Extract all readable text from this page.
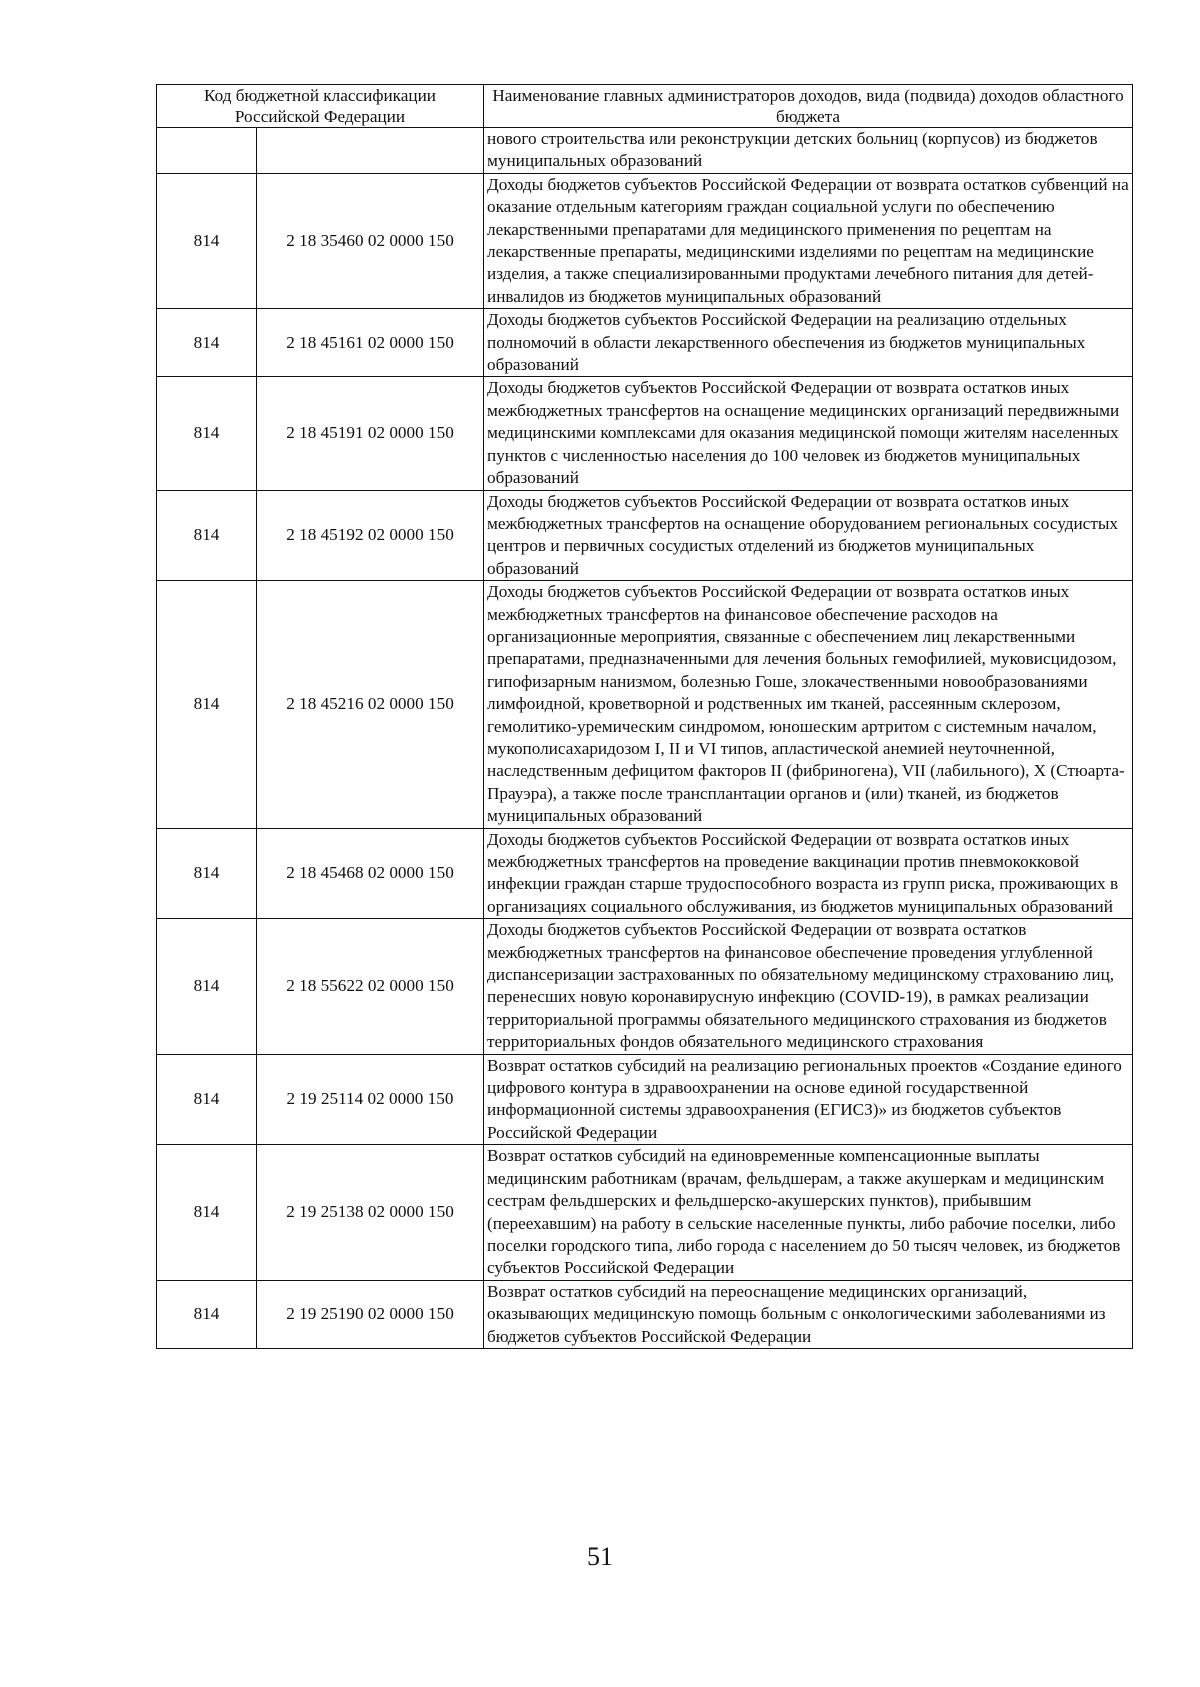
Код бюджетной классификации Российской Федерации		Наименование главных администраторов доходов, вида (подвида) доходов областного бюджета
		нового строительства или реконструкции детских больниц (корпусов) из бюджетов муниципальных образований
814	2 18 35460 02 0000 150	Доходы бюджетов субъектов Российской Федерации от возврата остатков субвенций на оказание отдельным категориям граждан социальной услуги по обеспечению лекарственными препаратами для медицинского применения по рецептам на лекарственные препараты, медицинскими изделиями по рецептам на медицинские изделия, а также специализированными продуктами лечебного питания для детей-инвалидов из бюджетов муниципальных образований
814	2 18 45161 02 0000 150	Доходы бюджетов субъектов Российской Федерации на реализацию отдельных полномочий в области лекарственного обеспечения из бюджетов муниципальных образований
814	2 18 45191 02 0000 150	Доходы бюджетов субъектов Российской Федерации от возврата остатков иных межбюджетных трансфертов на оснащение медицинских организаций передвижными медицинскими комплексами для оказания медицинской помощи жителям населенных пунктов с численностью населения до 100 человек из бюджетов муниципальных образований
814	2 18 45192 02 0000 150	Доходы бюджетов субъектов Российской Федерации от возврата остатков иных межбюджетных трансфертов на оснащение оборудованием региональных сосудистых центров и первичных сосудистых отделений из бюджетов муниципальных образований
814	2 18 45216 02 0000 150	Доходы бюджетов субъектов Российской Федерации от возврата остатков иных межбюджетных трансфертов на финансовое обеспечение расходов на организационные мероприятия, связанные с обеспечением лиц лекарственными препаратами, предназначенными для лечения больных гемофилией, муковисцидозом, гипофизарным нанизмом, болезнью Гоше, злокачественными новообразованиями лимфоидной, кроветворной и родственных им тканей, рассеянным склерозом, гемолитико-уремическим синдромом, юношеским артритом с системным началом, мукополисахаридозом I, II и VI типов, апластической анемией неуточненной, наследственным дефицитом факторов II (фибриногена), VII (лабильного), X (Стюарта-Прауэра), а также после трансплантации органов и (или) тканей, из бюджетов муниципальных образований
814	2 18 45468 02 0000 150	Доходы бюджетов субъектов Российской Федерации от возврата остатков иных межбюджетных трансфертов на проведение вакцинации против пневмококковой инфекции граждан старше трудоспособного возраста из групп риска, проживающих в организациях социального обслуживания, из бюджетов муниципальных образований
814	2 18 55622 02 0000 150	Доходы бюджетов субъектов Российской Федерации от возврата остатков межбюджетных трансфертов на финансовое обеспечение проведения углубленной диспансеризации застрахованных по обязательному медицинскому страхованию лиц, перенесших новую коронавирусную инфекцию (COVID-19), в рамках реализации территориальной программы обязательного медицинского страхования из бюджетов территориальных фондов обязательного медицинского страхования
814	2 19 25114 02 0000 150	Возврат остатков субсидий на реализацию региональных проектов «Создание единого цифрового контура в здравоохранении на основе единой государственной информационной системы здравоохранения (ЕГИСЗ)» из бюджетов субъектов Российской Федерации
814	2 19 25138 02 0000 150	Возврат остатков субсидий на единовременные компенсационные выплаты медицинским работникам (врачам, фельдшерам, а также акушеркам и медицинским сестрам фельдшерских и фельдшерско-акушерских пунктов), прибывшим (переехавшим) на работу в сельские населенные пункты, либо рабочие поселки, либо поселки городского типа, либо города с населением до 50 тысяч человек, из бюджетов субъектов Российской Федерации
814	2 19 25190 02 0000 150	Возврат остатков субсидий на переоснащение медицинских организаций, оказывающих медицинскую помощь больным с онкологическими заболеваниями из бюджетов субъектов Российской Федерации
51
